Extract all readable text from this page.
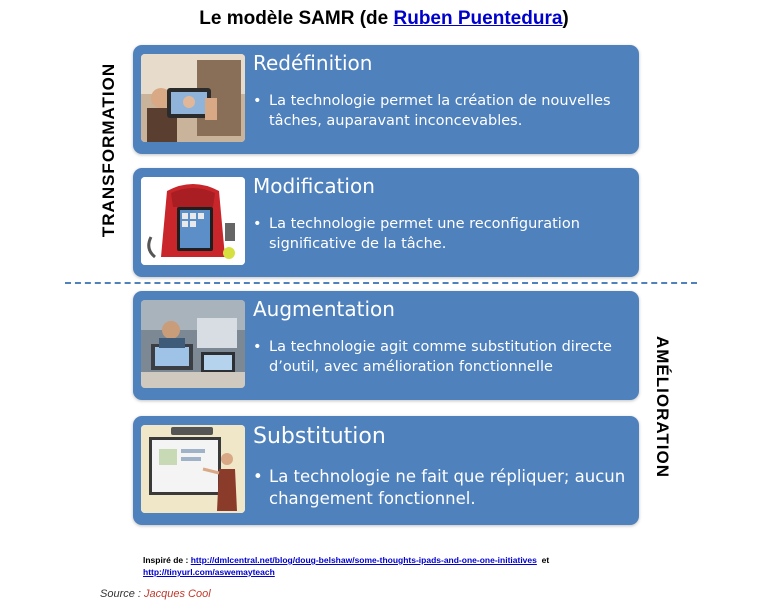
Le modèle SAMR (de Ruben Puentedura)
TRANSFORMATION
AMÉLIORATION
Redéfinition
• La technologie permet la création de nouvelles tâches, auparavant inconcevables.
Modification
• La technologie permet une reconfiguration significative de la tâche.
Augmentation
• La technologie agit comme substitution directe d’outil, avec amélioration fonctionnelle
Substitution
• La technologie ne fait que répliquer; aucun changement fonctionnel.
Inspiré de : http://dmlcentral.net/blog/doug-belshaw/some-thoughts-ipads-and-one-one-initiatives et
http://tinyurl.com/aswemayteach
Source : Jacques Cool
